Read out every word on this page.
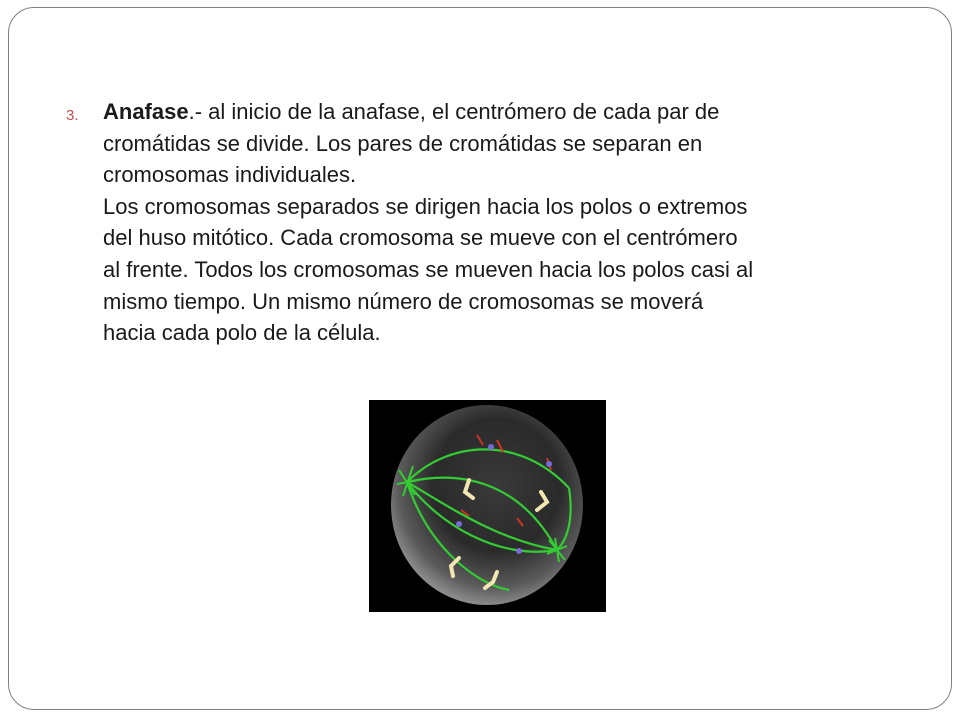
3. Anafase.- al inicio de la anafase, el centrómero de cada par de
cromátidas se divide. Los pares de cromátidas se separan en
cromosomas individuales.
Los cromosomas separados se dirigen hacia los polos o extremos
del huso mitótico. Cada cromosoma se mueve con el centrómero
al frente. Todos los cromosomas se mueven hacia los polos casi al
mismo tiempo. Un mismo número de cromosomas se moverá
hacia cada polo de la célula.
